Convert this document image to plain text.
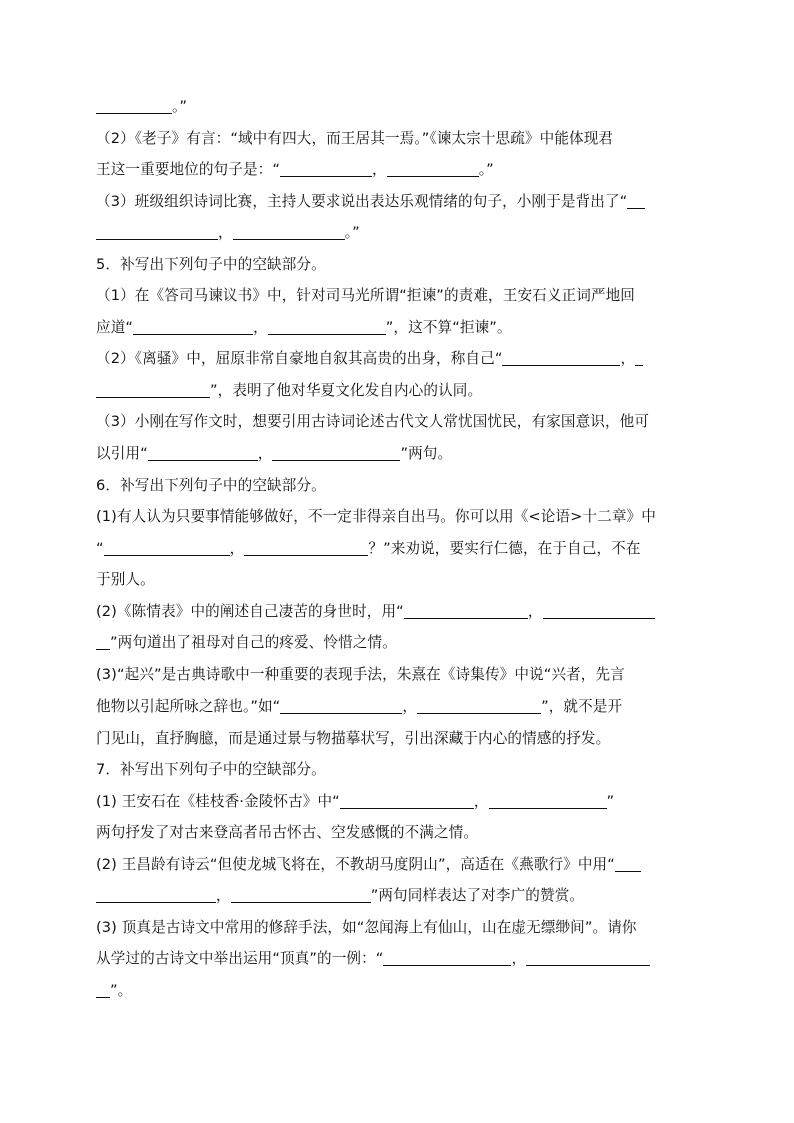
。”
（2）《老子》有言：“域中有四大，而王居其一焉。”《谏太宗十思疏》中能体现君
王这一重要地位的句子是：“	，	。”
（3）班级组织诗词比赛，主持人要求说出表达乐观情绪的句子，小刚于是背出了“
，	。”
5．补写出下列句子中的空缺部分。
（1）在《答司马谏议书》中，针对司马光所谓“拒谏”的责难，王安石义正词严地回
应道“	，	”，这不算“拒谏”。
（2）《离骚》中，屈原非常自豪地自叙其高贵的出身，称自己“	，
”，表明了他对华夏文化发自内心的认同。
（3）小刚在写作文时，想要引用古诗词论述古代文人常忧国忧民，有家国意识，他可
以引用“	，	”两句。
6．补写出下列句子中的空缺部分。
(1)有人认为只要事情能够做好，不一定非得亲自出马。你可以用《<论语>十二章》中
“	，	？”来劝说，要实行仁德，在于自己，不在
于别人。
(2)《陈情表》中的阐述自己凄苦的身世时，用“	，
”两句道出了祖母对自己的疼爱、怜惜之情。
(3)“起兴”是古典诗歌中一种重要的表现手法，朱熹在《诗集传》中说“兴者，先言
他物以引起所咏之辞也。”如“	，	”，就不是开
门见山，直抒胸臆，而是通过景与物描摹状写，引出深藏于内心的情感的抒发。
7．补写出下列句子中的空缺部分。
(1) 王安石在《桂枝香·金陵怀古》中“	，	”
两句抒发了对古来登高者吊古怀古、空发感慨的不满之情。
(2) 王昌龄有诗云“但使龙城飞将在，不教胡马度阴山”，高适在《燕歌行》中用“
，	”两句同样表达了对李广的赞赏。
(3) 顶真是古诗文中常用的修辞手法，如“忽闻海上有仙山，山在虚无缥缈间”。请你
从学过的古诗文中举出运用“顶真”的一例：“	，
”。
